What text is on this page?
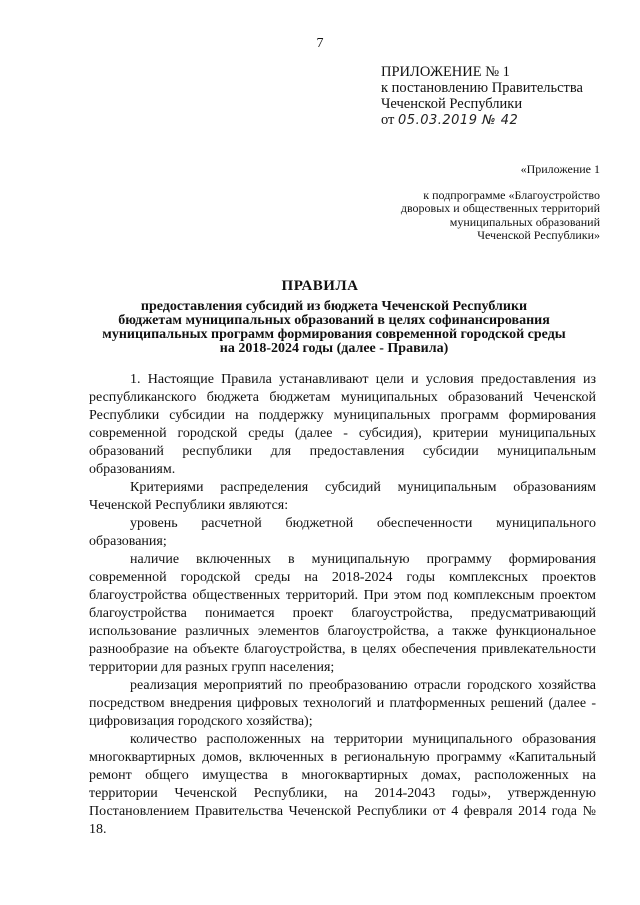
7
ПРИЛОЖЕНИЕ № 1
к постановлению Правительства
Чеченской Республики
от 05.03.2019 № 42
«Приложение 1
к подпрограмме «Благоустройство
дворовых и общественных территорий
муниципальных образований
Чеченской Республики»
ПРАВИЛА
предоставления субсидий из бюджета Чеченской Республики
бюджетам муниципальных образований в целях софинансирования
муниципальных программ формирования современной городской среды
на 2018-2024 годы (далее - Правила)

1. Настоящие Правила устанавливают цели и условия предоставления из республиканского бюджета бюджетам муниципальных образований Чеченской Республики субсидии на поддержку муниципальных программ формирования современной городской среды (далее - субсидия), критерии муниципальных образований республики для предоставления субсидии муниципальным образованиям.

Критериями распределения субсидий муниципальным образованиям Чеченской Республики являются:

уровень расчетной бюджетной обеспеченности муниципального образования;

наличие включенных в муниципальную программу формирования современной городской среды на 2018-2024 годы комплексных проектов благоустройства общественных территорий. При этом под комплексным проектом благоустройства понимается проект благоустройства, предусматривающий использование различных элементов благоустройства, а также функциональное разнообразие на объекте благоустройства, в целях обеспечения привлекательности территории для разных групп населения;

реализация мероприятий по преобразованию отрасли городского хозяйства посредством внедрения цифровых технологий и платформенных решений (далее - цифровизация городского хозяйства);

количество расположенных на территории муниципального образования многоквартирных домов, включенных в региональную программу «Капитальный ремонт общего имущества в многоквартирных домах, расположенных на территории Чеченской Республики, на 2014-2043 годы», утвержденную Постановлением Правительства Чеченской Республики от 4 февраля 2014 года № 18.
